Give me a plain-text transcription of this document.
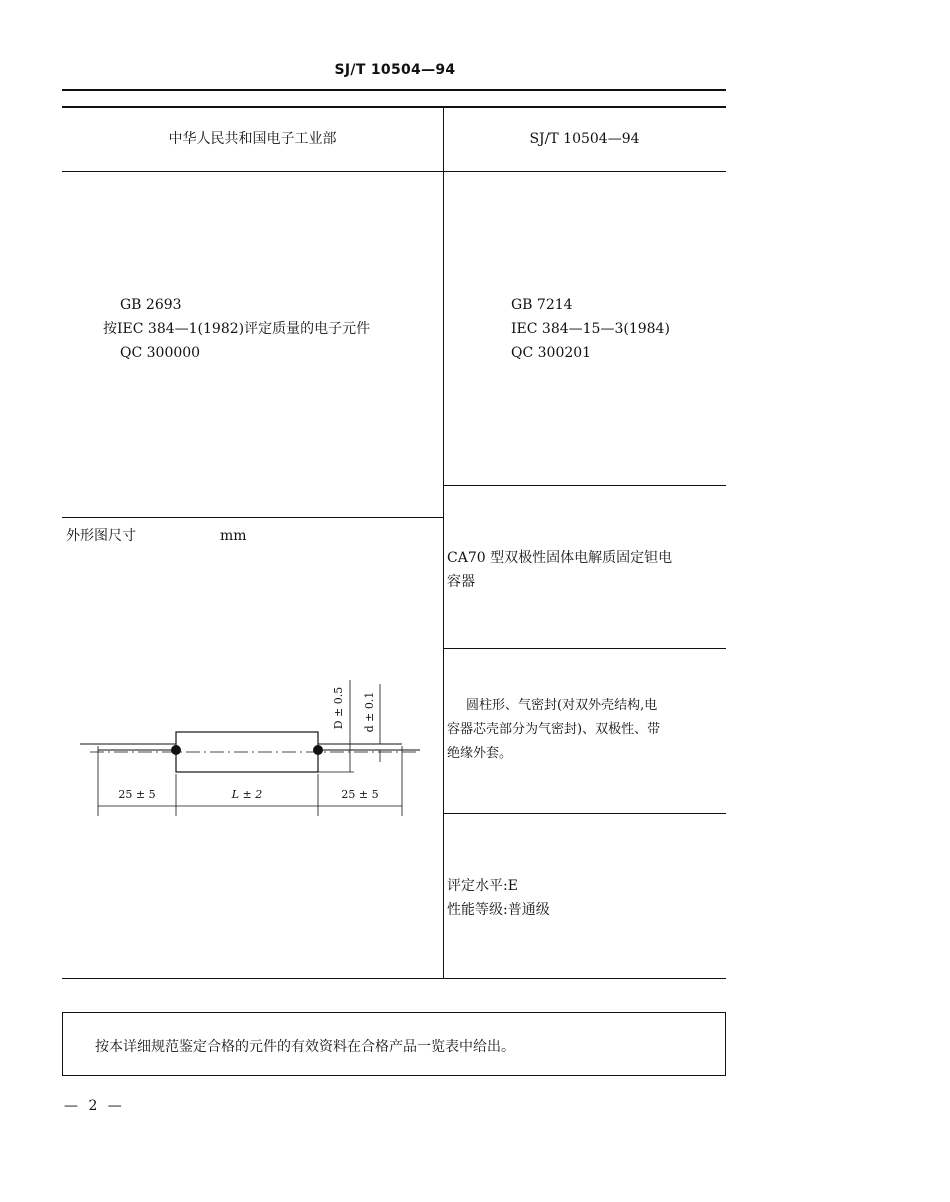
SJ/T 10504—94
中华人民共和国电子工业部	SJ/T 10504—94
GB 2693
按IEC 384—1(1982)评定质量的电子元件
QC 300000
GB 7214
IEC 384—15—3(1984)
QC 300201
外形图尺寸	mm
25 ± 5	L ± 2	25 ± 5
D ± 0.5 d ± 0.1
CA70 型双极性固体电解质固定钽电
容器
圆柱形、气密封(对双外壳结构,电
容器芯壳部分为气密封)、双极性、带
绝缘外套。
评定水平:E
性能等级:普通级
按本详细规范鉴定合格的元件的有效资料在合格产品一览表中给出。
— 2 —
